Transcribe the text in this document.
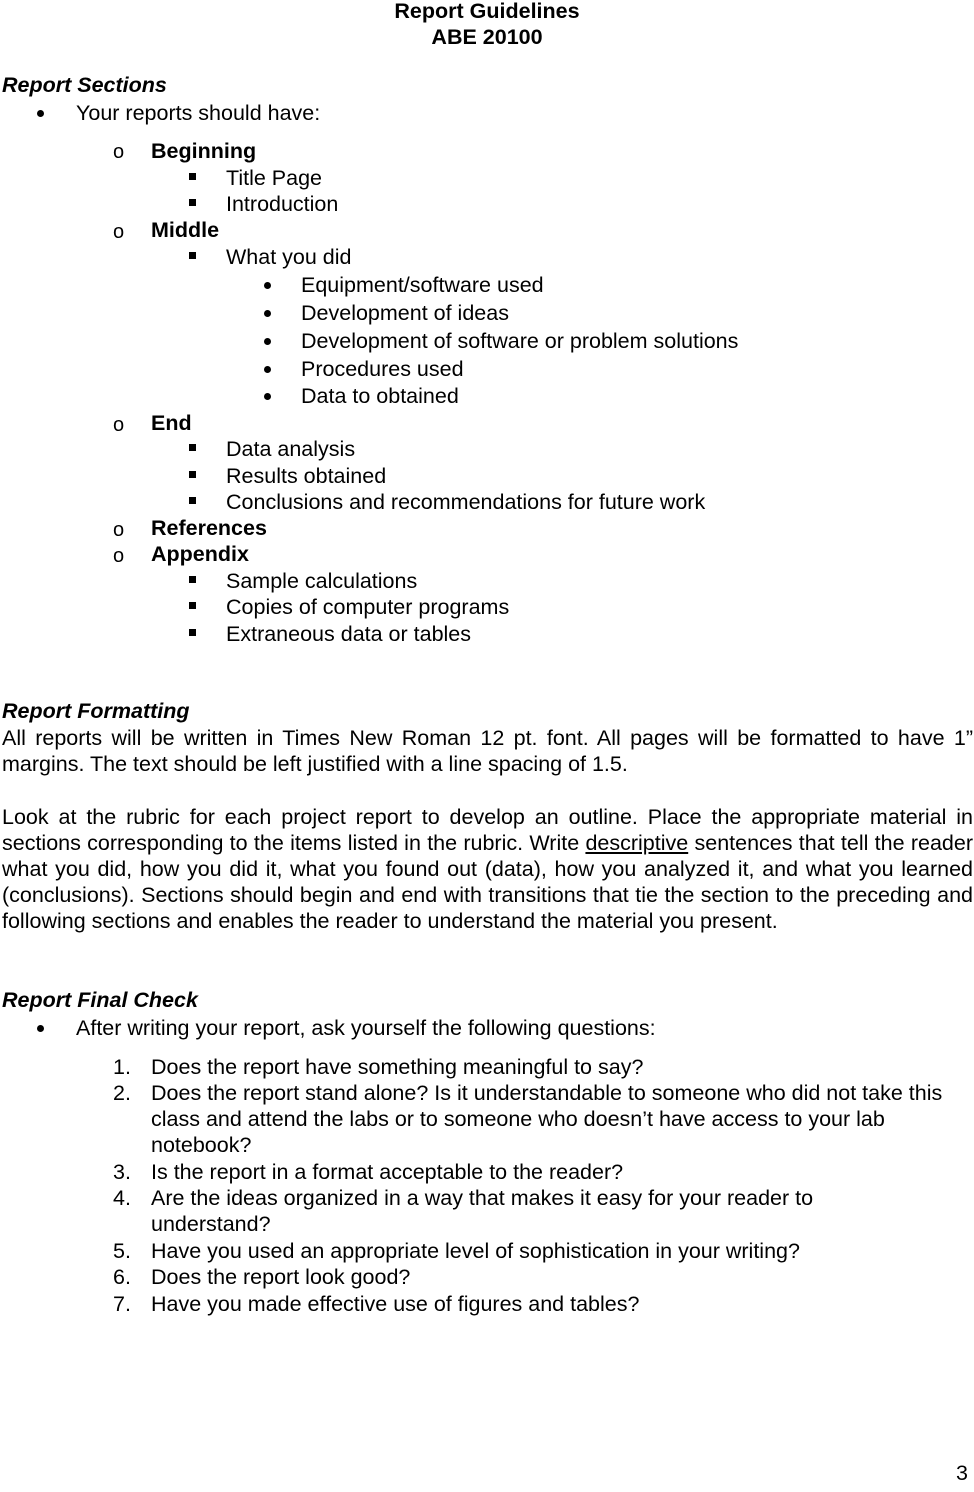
Report Guidelines
ABE 20100
Report Sections
Your reports should have:
o Beginning
Title Page
Introduction
o Middle
What you did
Equipment/software used
Development of ideas
Development of software or problem solutions
Procedures used
Data to obtained
o End
Data analysis
Results obtained
Conclusions and recommendations for future work
o References
o Appendix
Sample calculations
Copies of computer programs
Extraneous data or tables
Report Formatting
All reports will be written in Times New Roman 12 pt. font. All pages will be formatted to have 1” margins. The text should be left justified with a line spacing of 1.5.
Look at the rubric for each project report to develop an outline. Place the appropriate material in sections corresponding to the items listed in the rubric. Write descriptive sentences that tell the reader what you did, how you did it, what you found out (data), how you analyzed it, and what you learned (conclusions). Sections should begin and end with transitions that tie the section to the preceding and following sections and enables the reader to understand the material you present.
Report Final Check
After writing your report, ask yourself the following questions:
1. Does the report have something meaningful to say?
2. Does the report stand alone? Is it understandable to someone who did not take this class and attend the labs or to someone who doesn’t have access to your lab notebook?
3. Is the report in a format acceptable to the reader?
4. Are the ideas organized in a way that makes it easy for your reader to understand?
5. Have you used an appropriate level of sophistication in your writing?
6. Does the report look good?
7. Have you made effective use of figures and tables?
3
